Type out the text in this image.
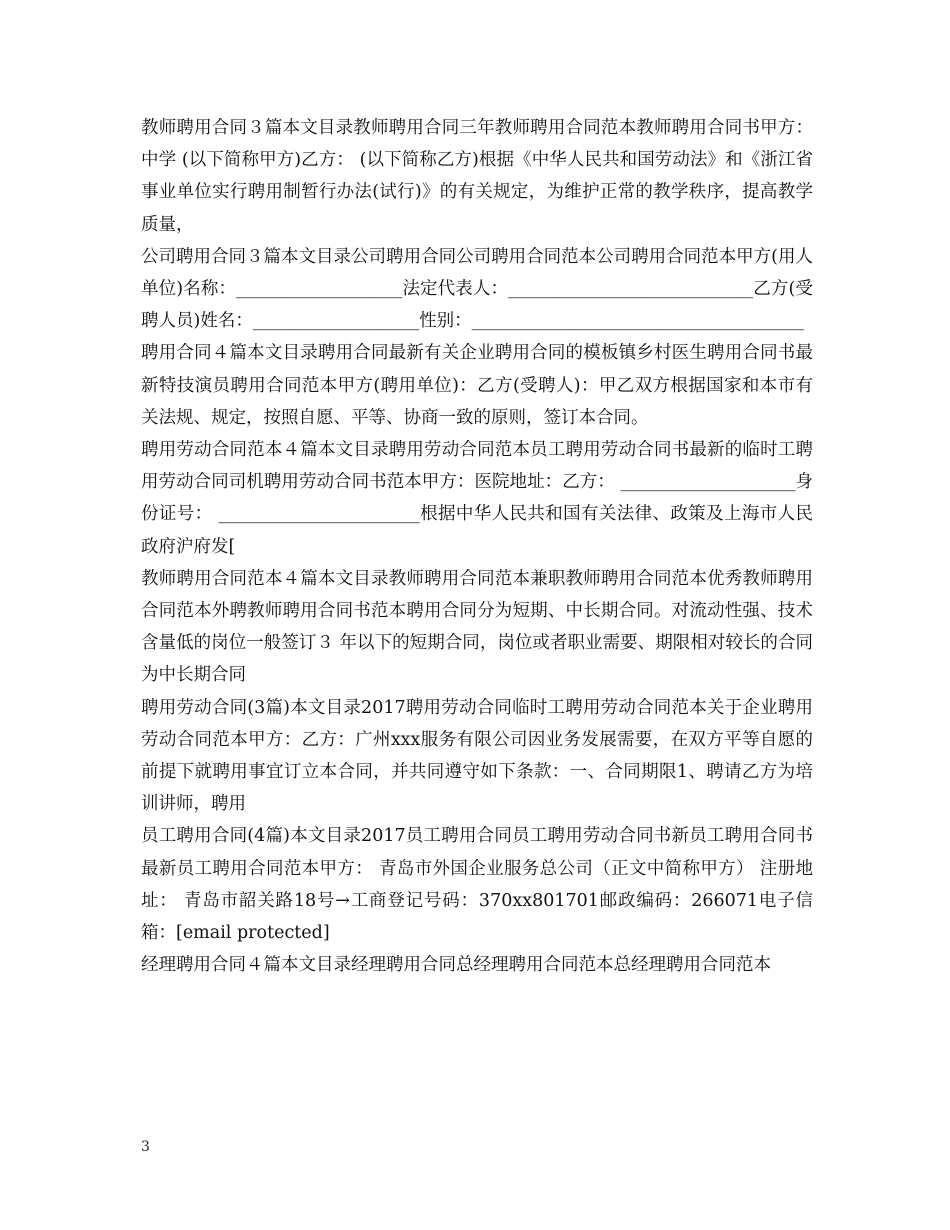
教师聘用合同３篇本文目录教师聘用合同三年教师聘用合同范本教师聘用合同书甲方：中学 (以下简称甲方)乙方： (以下简称乙方)根据《中华人民共和国劳动法》和《浙江省事业单位实行聘用制暂行办法(试行)》的有关规定，为维护正常的教学秩序，提高教学质量，

公司聘用合同３篇本文目录公司聘用合同公司聘用合同范本公司聘用合同范本甲方(用人单位)名称：___________________法定代表人：____________________________乙方(受聘人员)姓名：___________________性别：______________________________________

聘用合同４篇本文目录聘用合同最新有关企业聘用合同的模板镇乡村医生聘用合同书最新特技演员聘用合同范本甲方(聘用单位)：乙方(受聘人)：甲乙双方根据国家和本市有关法规、规定，按照自愿、平等、协商一致的原则，签订本合同。

聘用劳动合同范本４篇本文目录聘用劳动合同范本员工聘用劳动合同书最新的临时工聘用劳动合同司机聘用劳动合同书范本甲方：医院地址：乙方： ____________________身份证号： _______________________根据中华人民共和国有关法律、政策及上海市人民政府沪府发[

教师聘用合同范本４篇本文目录教师聘用合同范本兼职教师聘用合同范本优秀教师聘用合同范本外聘教师聘用合同书范本聘用合同分为短期、中长期合同。对流动性强、技术含量低的岗位一般签订３ 年以下的短期合同，岗位或者职业需要、期限相对较长的合同为中长期合同

聘用劳动合同(3篇)本文目录2017聘用劳动合同临时工聘用劳动合同范本关于企业聘用劳动合同范本甲方：乙方：广州xxx服务有限公司因业务发展需要，在双方平等自愿的前提下就聘用事宜订立本合同，并共同遵守如下条款：一、合同期限1、聘请乙方为培训讲师，聘用

员工聘用合同(4篇)本文目录2017员工聘用合同员工聘用劳动合同书新员工聘用合同书最新员工聘用合同范本甲方： 青岛市外国企业服务总公司（正文中简称甲方） 注册地址： 青岛市韶关路18号→工商登记号码：370xx801701邮政编码：266071电子信箱：[email protected]

经理聘用合同４篇本文目录经理聘用合同总经理聘用合同范本总经理聘用合同范本

3
